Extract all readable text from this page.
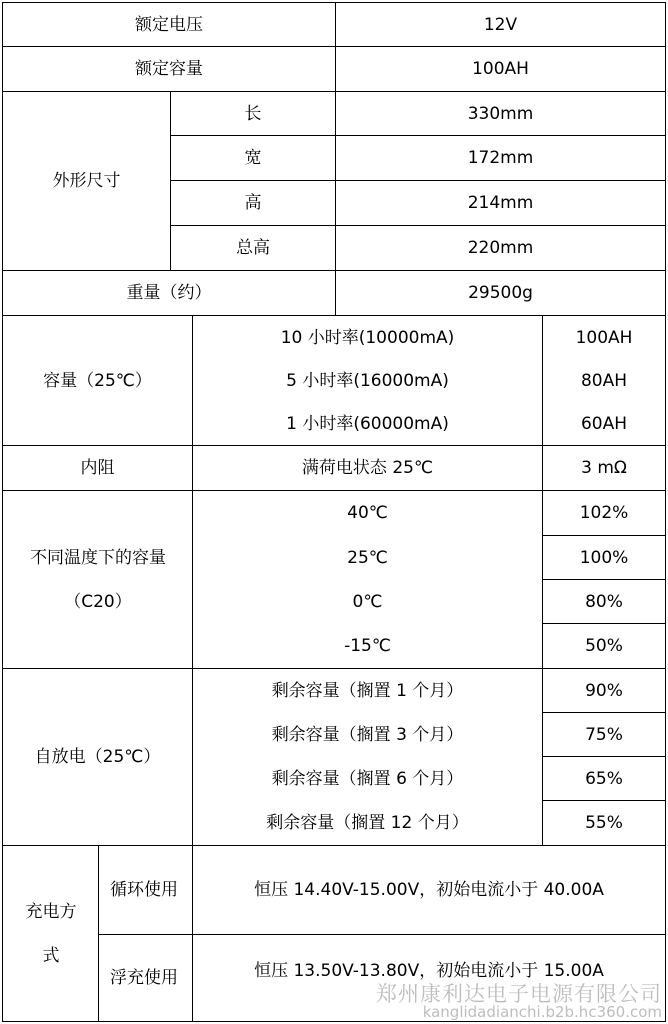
额定电压	12V
额定容量	100AH
外形尺寸
长	330mm
宽	172mm
高	214mm
总高	220mm
重量（约）	29500g
容量（25℃）
10 小时率(10000mA)	100AH
5 小时率(16000mA)	80AH
1 小时率(60000mA)	60AH
内阻	满荷电状态 25℃	3 mΩ
不同温度下的容量（C20）
40℃	102%
25℃	100%
0℃	80%
-15℃	50%
自放电（25℃）
剩余容量（搁置 1 个月）	90%
剩余容量（搁置 3 个月）	75%
剩余容量（搁置 6 个月）	65%
剩余容量（搁置 12 个月）	55%
充电方式
循环使用	恒压 14.40V-15.00V，初始电流小于 40.00A
浮充使用	恒压 13.50V-13.80V，初始电流小于 15.00A
郑州康利达电子电源有限公司
kanglidadianchi.b2b.hc360.com
